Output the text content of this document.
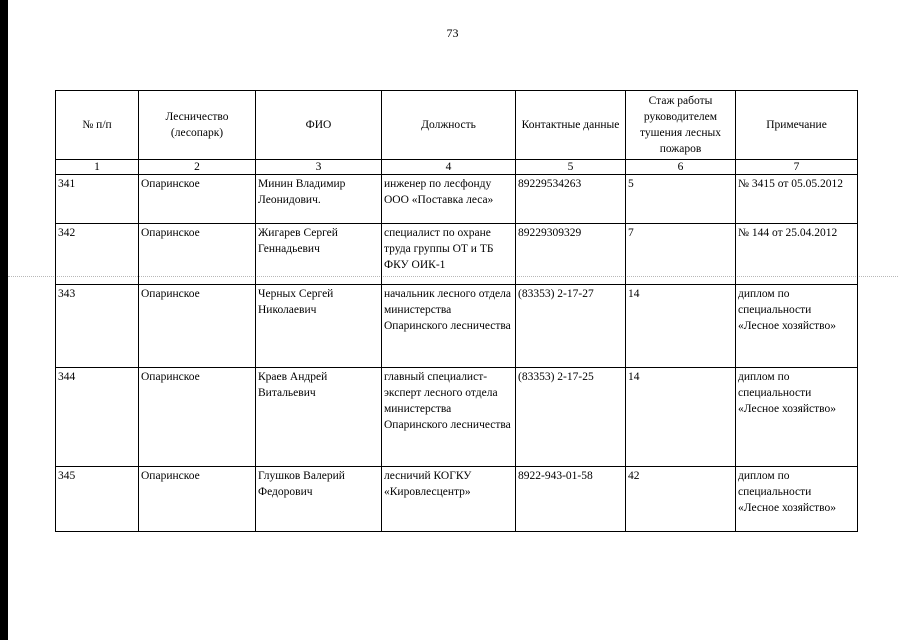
73
№ п/п	Лесничество (лесопарк)	ФИО	Должность	Контактные данные	Стаж работы руководителем тушения лесных пожаров	Примечание
1	2	3	4	5	6	7
341	Опаринское	Минин Владимир Леонидович.	инженер по лесфонду ООО «Поставка леса»	89229534263	5	№ 3415 от 05.05.2012
342	Опаринское	Жигарев Сергей Геннадьевич	специалист по охране труда группы ОТ и ТБ ФКУ ОИК-1	89229309329	7	№ 144 от 25.04.2012
343	Опаринское	Черных Сергей Николаевич	начальник лесного отдела министерства Опаринского лесничества	(83353) 2-17-27	14	диплом по специальности «Лесное хозяйство»
344	Опаринское	Краев Андрей Витальевич	главный специалист-эксперт лесного отдела министерства Опаринского лесничества	(83353) 2-17-25	14	диплом по специальности «Лесное хозяйство»
345	Опаринское	Глушков Валерий Федорович	лесничий КОГКУ «Кировлесцентр»	8922-943-01-58	42	диплом по специальности «Лесное хозяйство»
